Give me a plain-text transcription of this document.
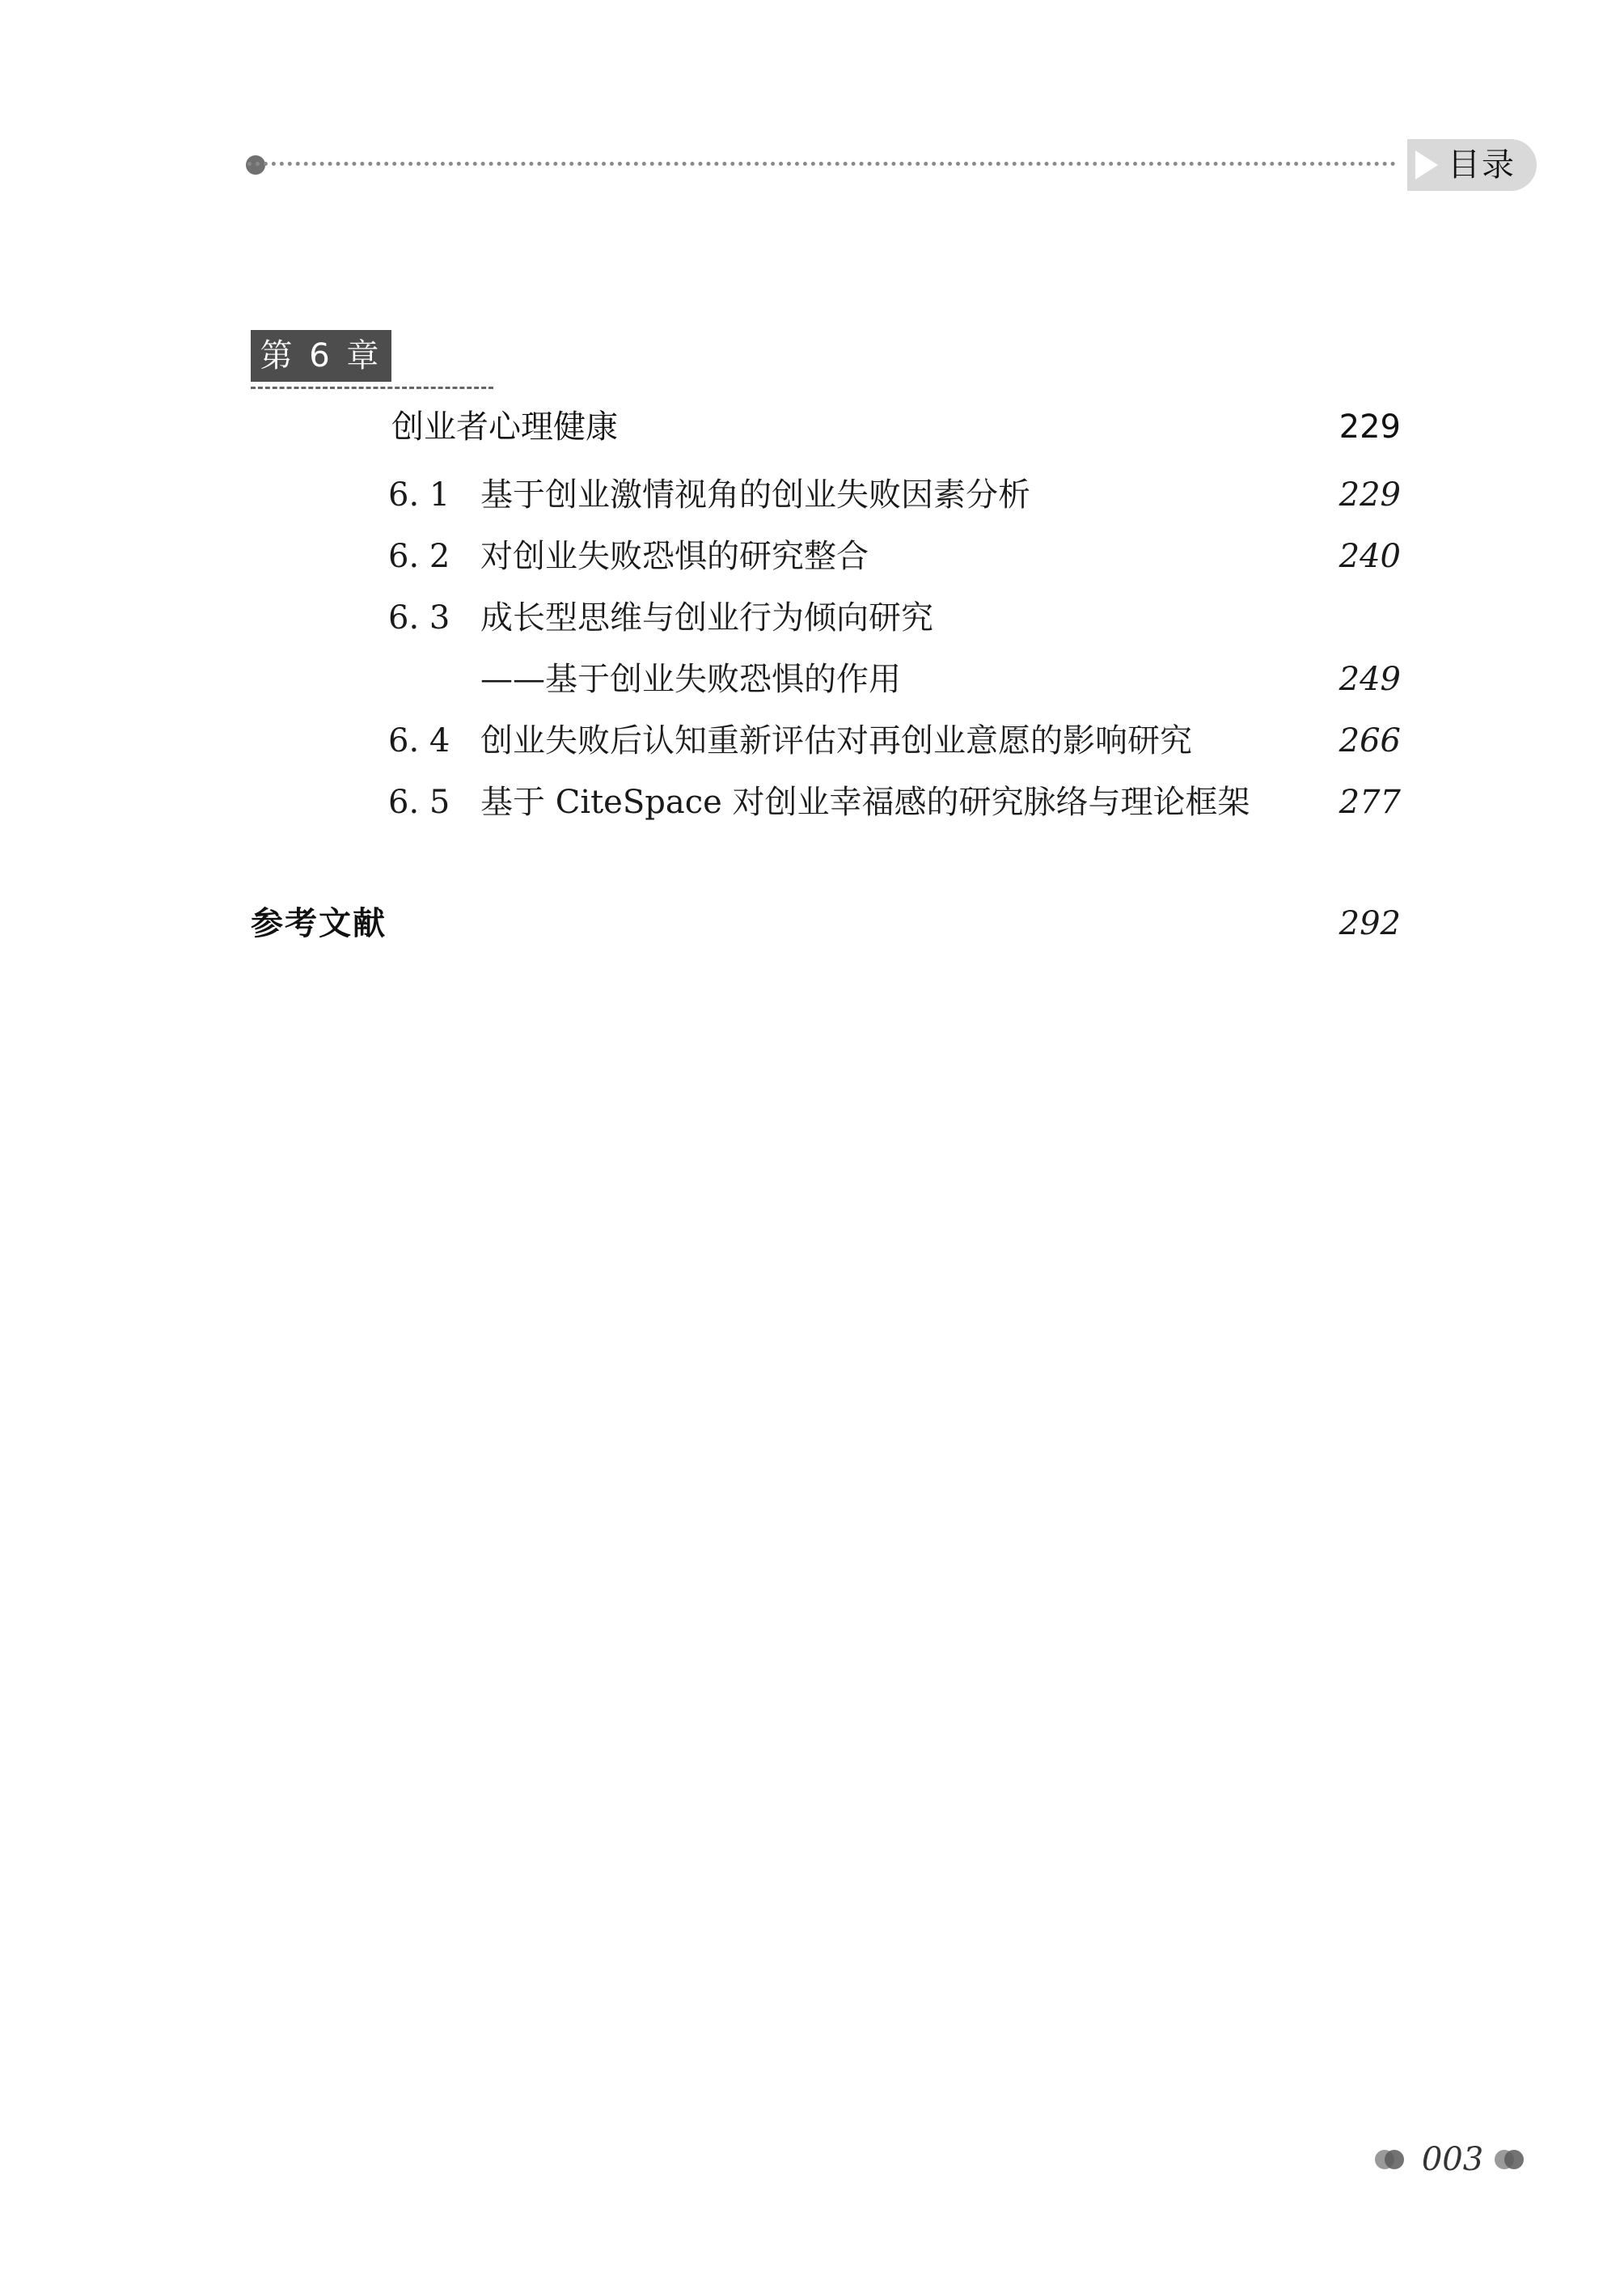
目录
第 6 章
创业者心理健康	229
6. 1 基于创业激情视角的创业失败因素分析	229
6. 2 对创业失败恐惧的研究整合	240
6. 3 成长型思维与创业行为倾向研究
——基于创业失败恐惧的作用	249
6. 4 创业失败后认知重新评估对再创业意愿的影响研究	266
6. 5 基于 CiteSpace 对创业幸福感的研究脉络与理论框架	277
参考文献	292
003
